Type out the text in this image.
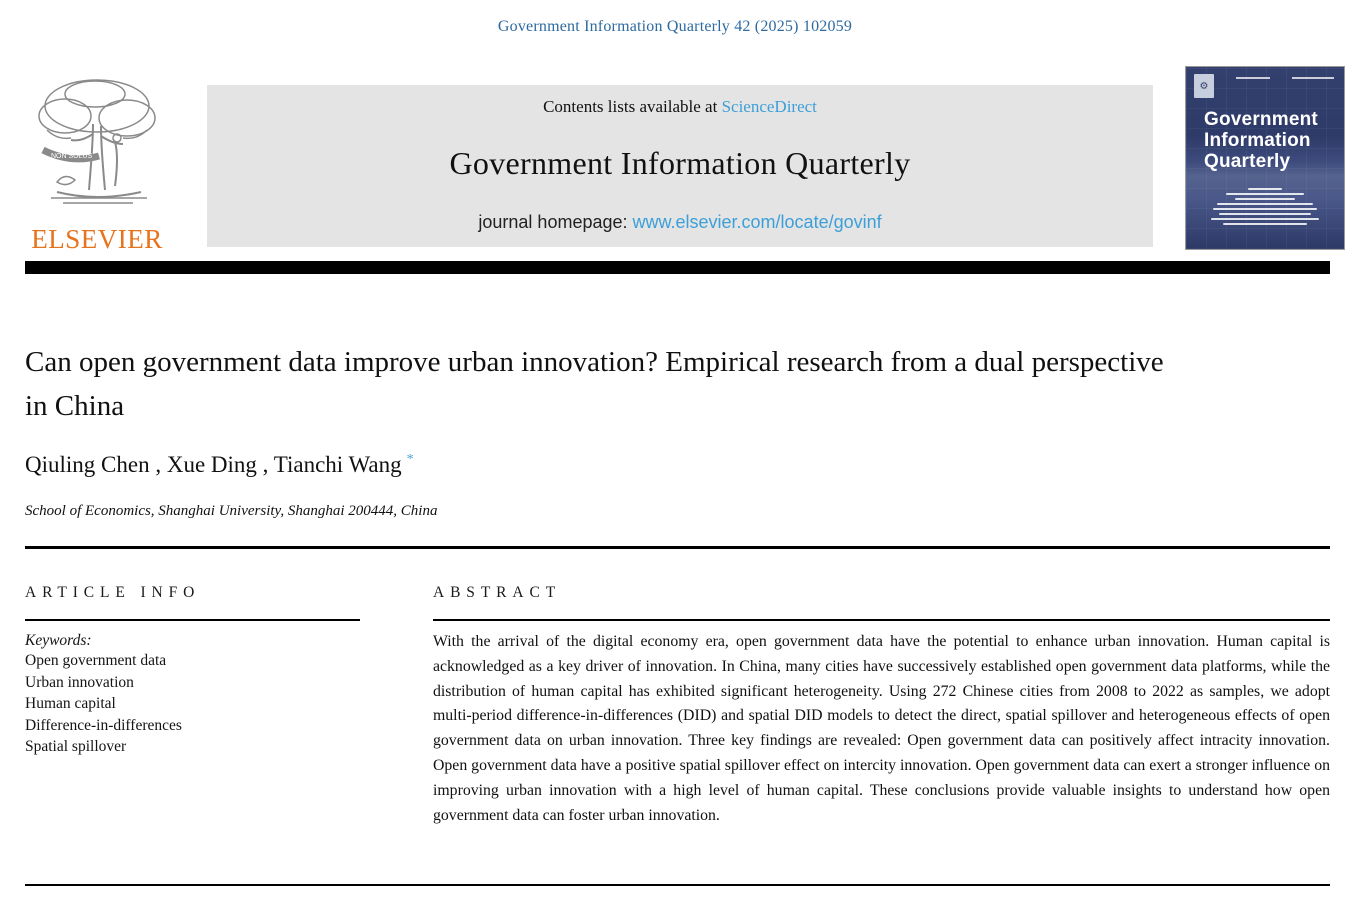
Government Information Quarterly 42 (2025) 102059
NON SOLUS
ELSEVIER
Contents lists available at ScienceDirect
Government Information Quarterly
journal homepage: www.elsevier.com/locate/govinf
⚙
Government
Information
Quarterly
Can open government data improve urban innovation? Empirical research from a dual perspective in China
Qiuling Chen , Xue Ding , Tianchi Wang *
School of Economics, Shanghai University, Shanghai 200444, China
ARTICLE INFO
Keywords:
Open government data
Urban innovation
Human capital
Difference-in-differences
Spatial spillover
ABSTRACT

With the arrival of the digital economy era, open government data have the potential to enhance urban innovation. Human capital is acknowledged as a key driver of innovation. In China, many cities have successively established open government data platforms, while the distribution of human capital has exhibited significant heterogeneity. Using 272 Chinese cities from 2008 to 2022 as samples, we adopt multi-period difference-in-differences (DID) and spatial DID models to detect the direct, spatial spillover and heterogeneous effects of open government data on urban innovation. Three key findings are revealed: Open government data can positively affect intracity innovation. Open government data have a positive spatial spillover effect on intercity innovation. Open government data can exert a stronger influence on improving urban innovation with a high level of human capital. These conclusions provide valuable insights to understand how open government data can foster urban innovation.
